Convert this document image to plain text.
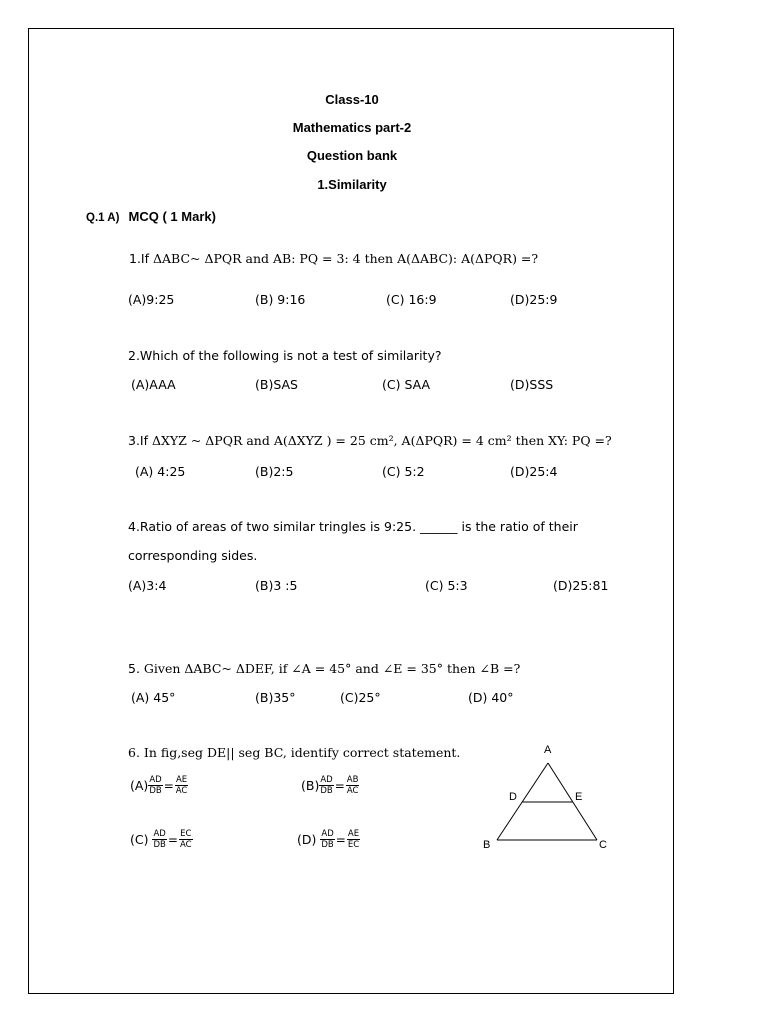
Class-10
Mathematics part-2
Question bank
1.Similarity
Q.1 A) MCQ ( 1 Mark)
1.If ΔABC~ ΔPQR and AB: PQ = 3: 4 then A(ΔABC): A(ΔPQR) =?
(A)9:25	(B) 9:16	(C) 16:9	(D)25:9
2.Which of the following is not a test of similarity?
(A)AAA	(B)SAS	(C) SAA	(D)SSS
3.If ΔXYZ ~ ΔPQR and A(ΔXYZ ) = 25 cm², A(ΔPQR) = 4 cm² then XY: PQ =?
(A) 4:25	(B)2:5	(C) 5:2	(D)25:4
4.Ratio of areas of two similar tringles is 9:25. ______ is the ratio of their
corresponding sides.
(A)3:4	(B)3 :5	(C) 5:3	(D)25:81
5. Given ΔABC~ ΔDEF, if ∠A = 45° and ∠E = 35° then ∠B =?
(A) 45°	(B)35°	(C)25°	(D) 40°
6. In fig,seg DE|| seg BC, identify correct statement.
$(A) \frac{AD}{DB} = \frac{AE}{AC}$	$(B) \frac{AD}{DB} = \frac{AB}{AC}$
$(C) \frac{AD}{DB} = \frac{EC}{AC}$	$(D) \frac{AD}{DB} = \frac{AE}{EC}$
A
D	E
B	C
